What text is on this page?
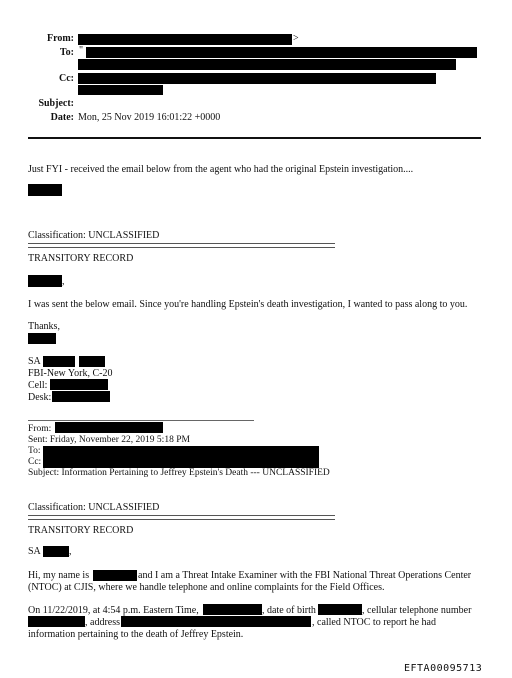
From:	>
To: "
Cc:
Subject:
Date: Mon, 25 Nov 2019 16:01:22 +0000
Just FYI - received the email below from the agent who had the original Epstein investigation....
Classification: UNCLASSIFIED
TRANSITORY RECORD
,
I was sent the below email. Since you're handling Epstein's death investigation, I wanted to pass along to you.
Thanks,
SA
FBI-New York, C-20
Cell:
Desk:
From:
Sent: Friday, November 22, 2019 5:18 PM
To:
Cc:
Subject: Information Pertaining to Jeffrey Epstein's Death --- UNCLASSIFIED
Classification: UNCLASSIFIED
TRANSITORY RECORD
SA	,
Hi, my name is	and I am a Threat Intake Examiner with the FBI National Threat Operations Center
(NTOC) at CJIS, where we handle telephone and online complaints for the Field Offices.
On 11/22/2019, at 4:54 p.m. Eastern Time,	, date of birth	, cellular telephone number
, address	, called NTOC to report he had
information pertaining to the death of Jeffrey Epstein.
EFTA00095713
